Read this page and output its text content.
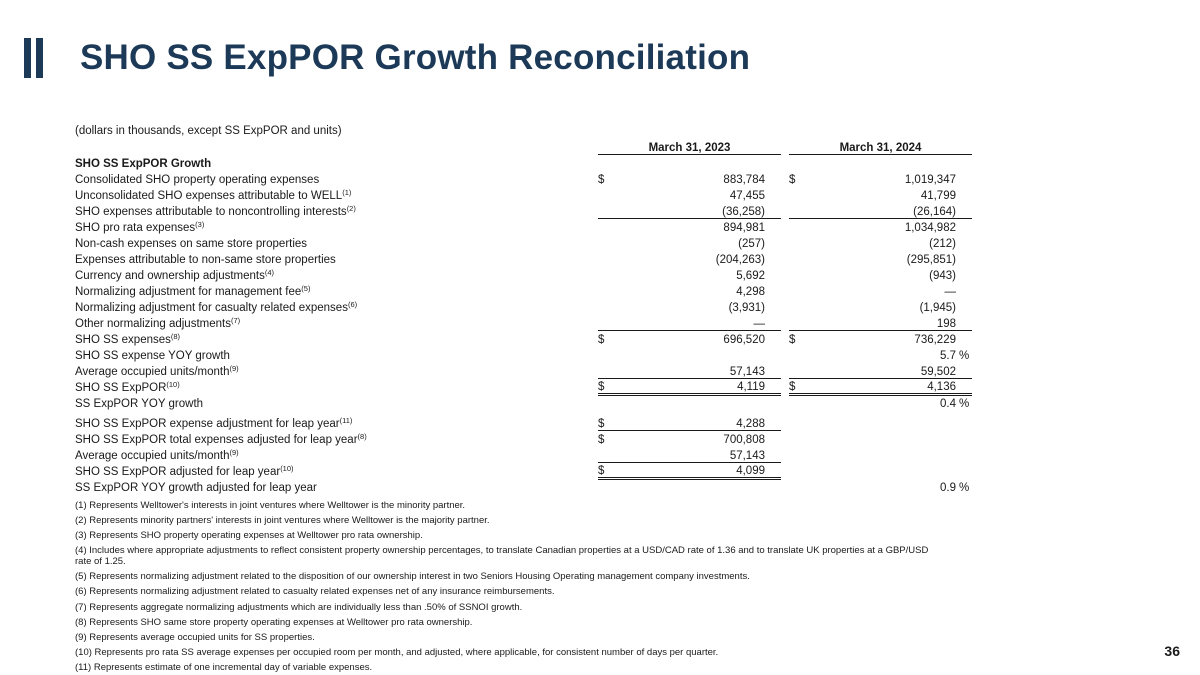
SHO SS ExpPOR Growth Reconciliation
(dollars in thousands, except SS ExpPOR and units)
	March 31, 2023				March 31, 2024		
SHO SS ExpPOR Growth							
Consolidated SHO property operating expenses	$	883,784			$	1,019,347	
Unconsolidated SHO expenses attributable to WELL$^{(1)}$		47,455				41,799	
SHO expenses attributable to noncontrolling interests$^{(2)}$		(36,258)				(26,164)	
SHO pro rata expenses$^{(3)}$		894,981				1,034,982	
Non-cash expenses on same store properties		(257)				(212)	
Expenses attributable to non-same store properties		(204,263)				(295,851)	
Currency and ownership adjustments$^{(4)}$		5,692				(943)	
Normalizing adjustment for management fee$^{(5)}$		4,298				—	
Normalizing adjustment for casualty related expenses$^{(6)}$		(3,931)				(1,945)	
Other normalizing adjustments$^{(7)}$		—				198	
SHO SS expenses$^{(8)}$	$	696,520			$	736,229	
SHO SS expense YOY growth						5.7	%
Average occupied units/month$^{(9)}$		57,143				59,502	
SHO SS ExpPOR$^{(10)}$	$	4,119			$	4,136	
SS ExpPOR YOY growth						0.4	%

SHO SS ExpPOR expense adjustment for leap year$^{(11)}$	$	4,288					
SHO SS ExpPOR total expenses adjusted for leap year$^{(8)}$	$	700,808					
Average occupied units/month$^{(9)}$		57,143					
SHO SS ExpPOR adjusted for leap year$^{(10)}$	$	4,099					
SS ExpPOR YOY growth adjusted for leap year						0.9	%
(1) Represents Welltower's interests in joint ventures where Welltower is the minority partner.
(2) Represents minority partners' interests in joint ventures where Welltower is the majority partner.
(3) Represents SHO property operating expenses at Welltower pro rata ownership.
(4) Includes where appropriate adjustments to reflect consistent property ownership percentages, to translate Canadian properties at a USD/CAD rate of 1.36 and to translate UK properties at a GBP/USD rate of 1.25.
(5) Represents normalizing adjustment related to the disposition of our ownership interest in two Seniors Housing Operating management company investments.
(6) Represents normalizing adjustment related to casualty related expenses net of any insurance reimbursements.
(7) Represents aggregate normalizing adjustments which are individually less than .50% of SSNOI growth.
(8) Represents SHO same store property operating expenses at Welltower pro rata ownership.
(9) Represents average occupied units for SS properties.
(10) Represents pro rata SS average expenses per occupied room per month, and adjusted, where applicable, for consistent number of days per quarter.
(11) Represents estimate of one incremental day of variable expenses.
36
